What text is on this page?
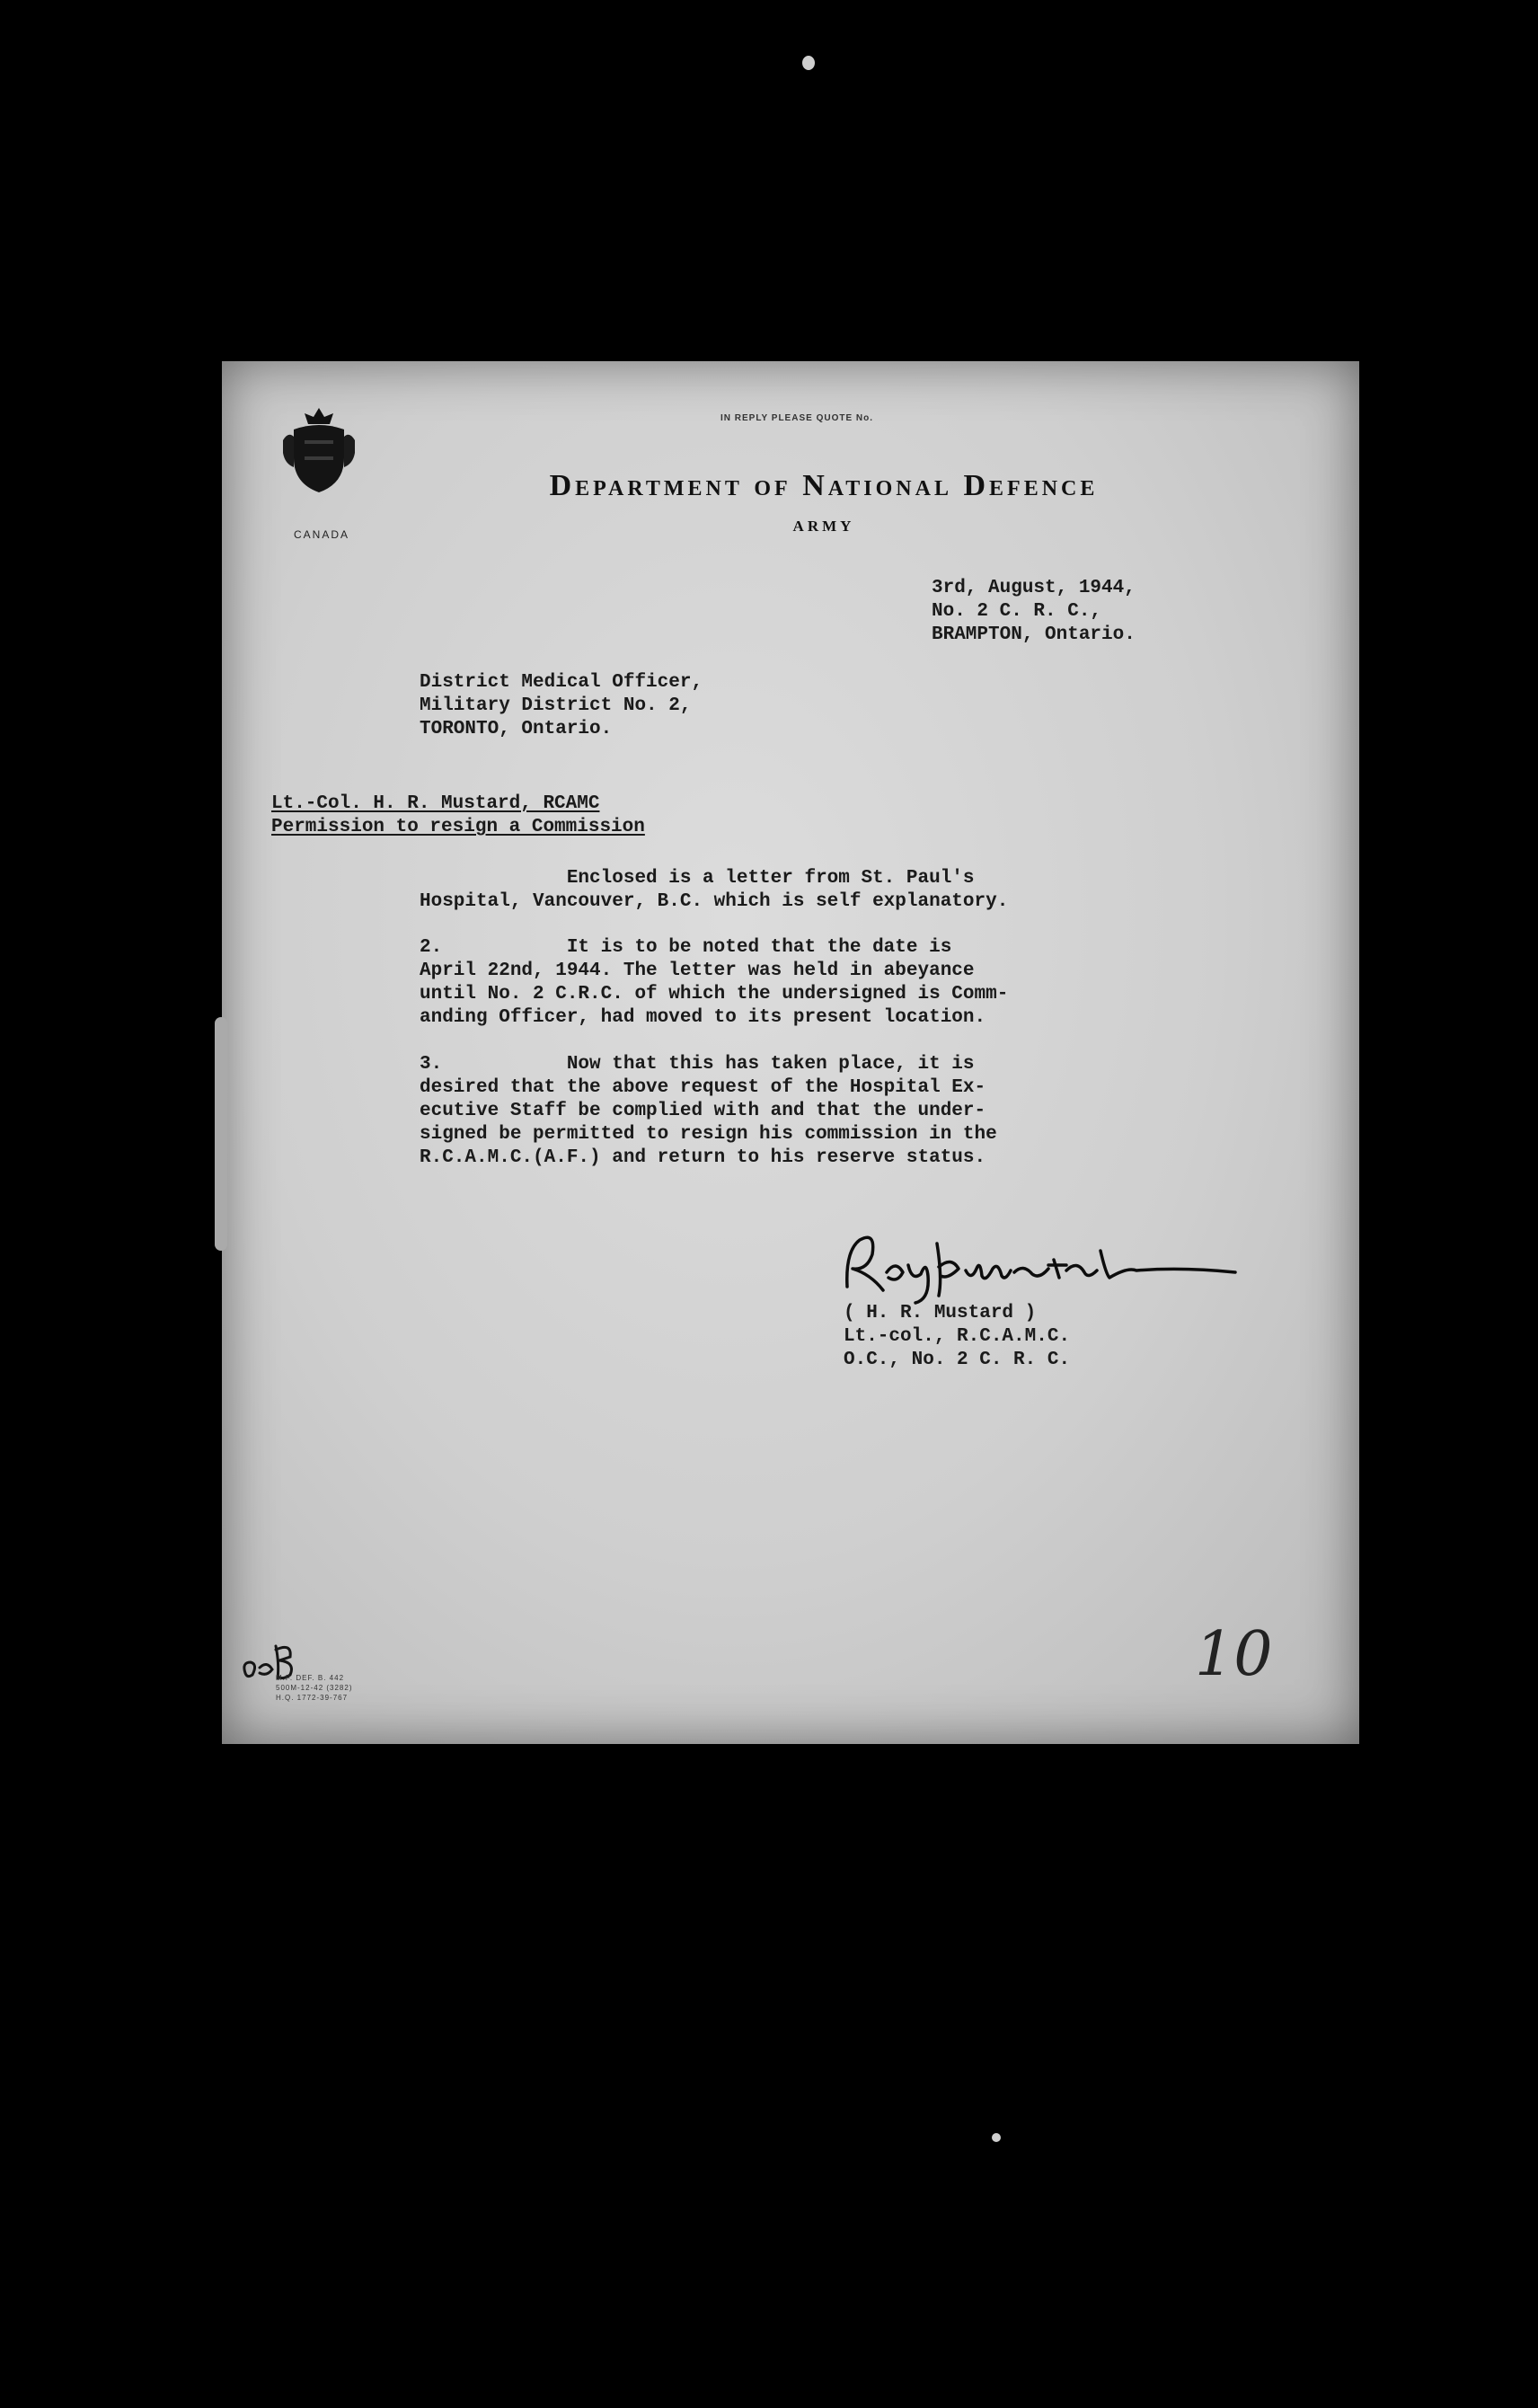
CANADA
IN REPLY PLEASE QUOTE No.
Department of National Defence
ARMY
3rd, August, 1944,
No. 2 C. R. C.,
BRAMPTON, Ontario.
District Medical Officer,
Military District No. 2,
TORONTO, Ontario.
Lt.-Col. H. R. Mustard, RCAMC
Permission to resign a Commission
Enclosed is a letter from St. Paul's
Hospital, Vancouver, B.C. which is self explanatory.
2.           It is to be noted that the date is
April 22nd, 1944. The letter was held in abeyance
until No. 2 C.R.C. of which the undersigned is Comm-
anding Officer, had moved to its present location.
3.           Now that this has taken place, it is
desired that the above request of the Hospital Ex-
ecutive Staff be complied with and that the under-
signed be permitted to resign his commission in the
R.C.A.M.C.(A.F.) and return to his reserve status.
( H. R. Mustard )
Lt.-col., R.C.A.M.C.
O.C., No. 2 C. R. C.
M.F. DEF. B. 442
500M-12-42 (3282)
H.Q. 1772-39-767
10
